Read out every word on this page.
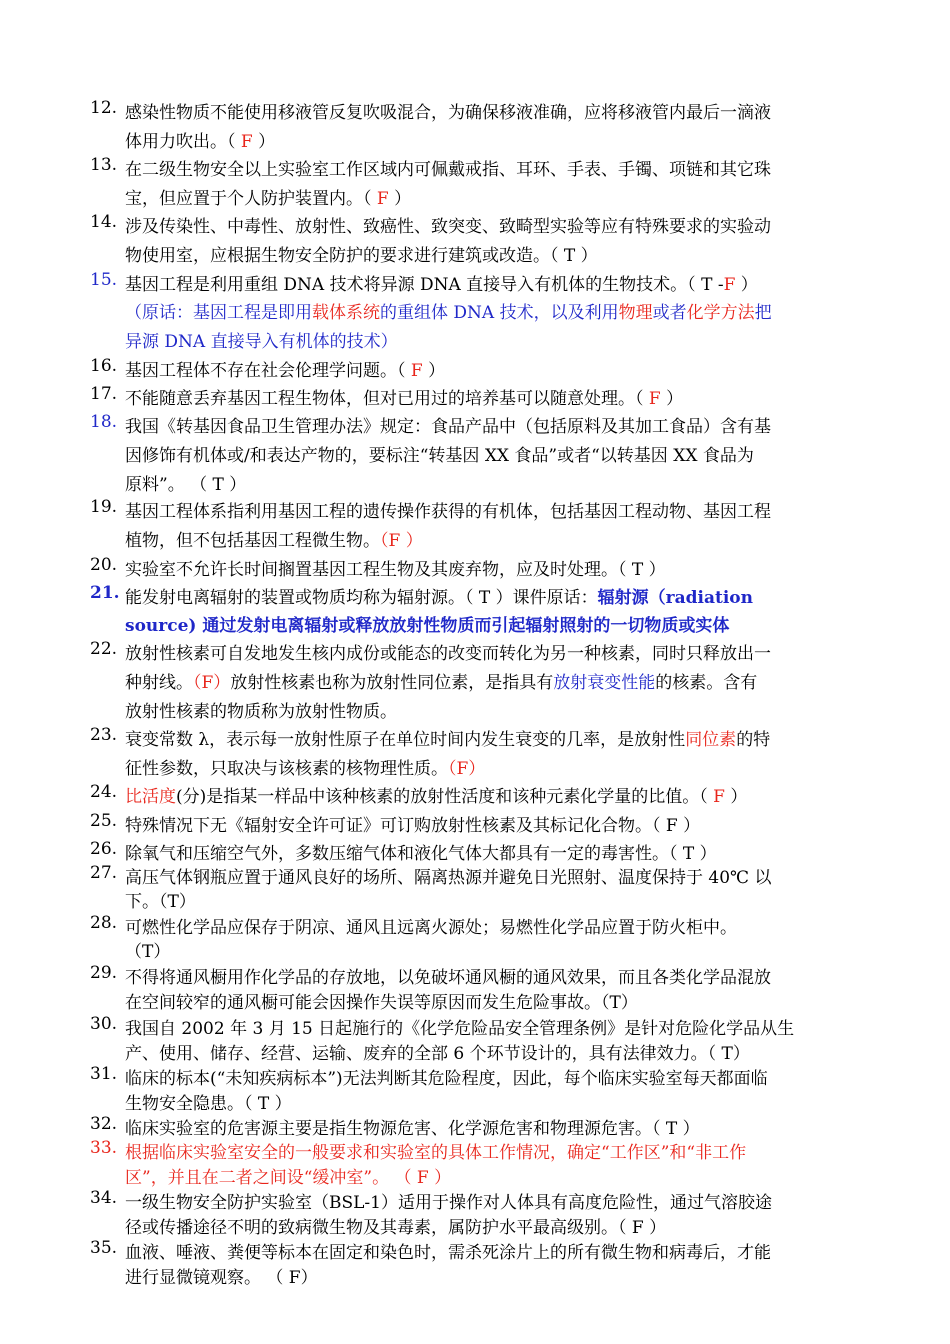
12. 感染性物质不能使用移液管反复吹吸混合，为确保移液准确，应将移液管内最后一滴液
体用力吹出。（ F ）
13. 在二级生物安全以上实验室工作区域内可佩戴戒指、耳环、手表、手镯、项链和其它珠
宝，但应置于个人防护装置内。（ F ）
14. 涉及传染性、中毒性、放射性、致癌性、致突变、致畸型实验等应有特殊要求的实验动
物使用室，应根据生物安全防护的要求进行建筑或改造。（ T ）
15. 基因工程是利用重组 DNA 技术将异源 DNA 直接导入有机体的生物技术。（ T -F ）
（原话：基因工程是即用载体系统的重组体 DNA 技术，以及利用物理或者化学方法把
异源 DNA 直接导入有机体的技术）
16. 基因工程体不存在社会伦理学问题。（ F ）
17. 不能随意丢弃基因工程生物体，但对已用过的培养基可以随意处理。（ F ）
18. 我国《转基因食品卫生管理办法》规定：食品产品中（包括原料及其加工食品）含有基
因修饰有机体或/和表达产物的，要标注“转基因 XX 食品”或者“以转基因 XX 食品为
原料”。 （ T ）
19. 基因工程体系指利用基因工程的遗传操作获得的有机体，包括基因工程动物、基因工程
植物，但不包括基因工程微生物。（F ）
20. 实验室不允许长时间搁置基因工程生物及其废弃物，应及时处理。（ T ）
21. 能发射电离辐射的装置或物质均称为辐射源。（ T ）课件原话：辐射源（radiation
source) 通过发射电离辐射或释放放射性物质而引起辐射照射的一切物质或实体
22. 放射性核素可自发地发生核内成份或能态的改变而转化为另一种核素，同时只释放出一
种射线。（F）放射性核素也称为放射性同位素，是指具有放射衰变性能的核素。含有
放射性核素的物质称为放射性物质。
23. 衰变常数 λ，表示每一放射性原子在单位时间内发生衰变的几率，是放射性同位素的特
征性参数，只取决与该核素的核物理性质。（F）
24. 比活度(分)是指某一样品中该种核素的放射性活度和该种元素化学量的比值。（ F ）
25. 特殊情况下无《辐射安全许可证》可订购放射性核素及其标记化合物。（ F ）
26. 除氧气和压缩空气外，多数压缩气体和液化气体大都具有一定的毒害性。（ T ）
27. 高压气体钢瓶应置于通风良好的场所、隔离热源并避免日光照射、温度保持于 40℃ 以
下。（T）
28. 可燃性化学品应保存于阴凉、通风且远离火源处；易燃性化学品应置于防火柜中。
（T）
29. 不得将通风橱用作化学品的存放地，以免破坏通风橱的通风效果，而且各类化学品混放
在空间较窄的通风橱可能会因操作失误等原因而发生危险事故。（T）
30. 我国自 2002 年 3 月 15 日起施行的《化学危险品安全管理条例》是针对危险化学品从生
产、使用、储存、经营、运输、废弃的全部 6 个环节设计的，具有法律效力。（ T）
31. 临床的标本(“未知疾病标本”)无法判断其危险程度，因此，每个临床实验室每天都面临
生物安全隐患。（ T ）
32. 临床实验室的危害源主要是指生物源危害、化学源危害和物理源危害。（ T ）
33. 根据临床实验室安全的一般要求和实验室的具体工作情况，确定“工作区”和“非工作
区”，并且在二者之间设“缓冲室”。 （ F ）
34. 一级生物安全防护实验室（BSL-1）适用于操作对人体具有高度危险性，通过气溶胶途
径或传播途径不明的致病微生物及其毒素，属防护水平最高级别。（ F ）
35. 血液、唾液、粪便等标本在固定和染色时，需杀死涂片上的所有微生物和病毒后，才能
进行显微镜观察。 （ F）
